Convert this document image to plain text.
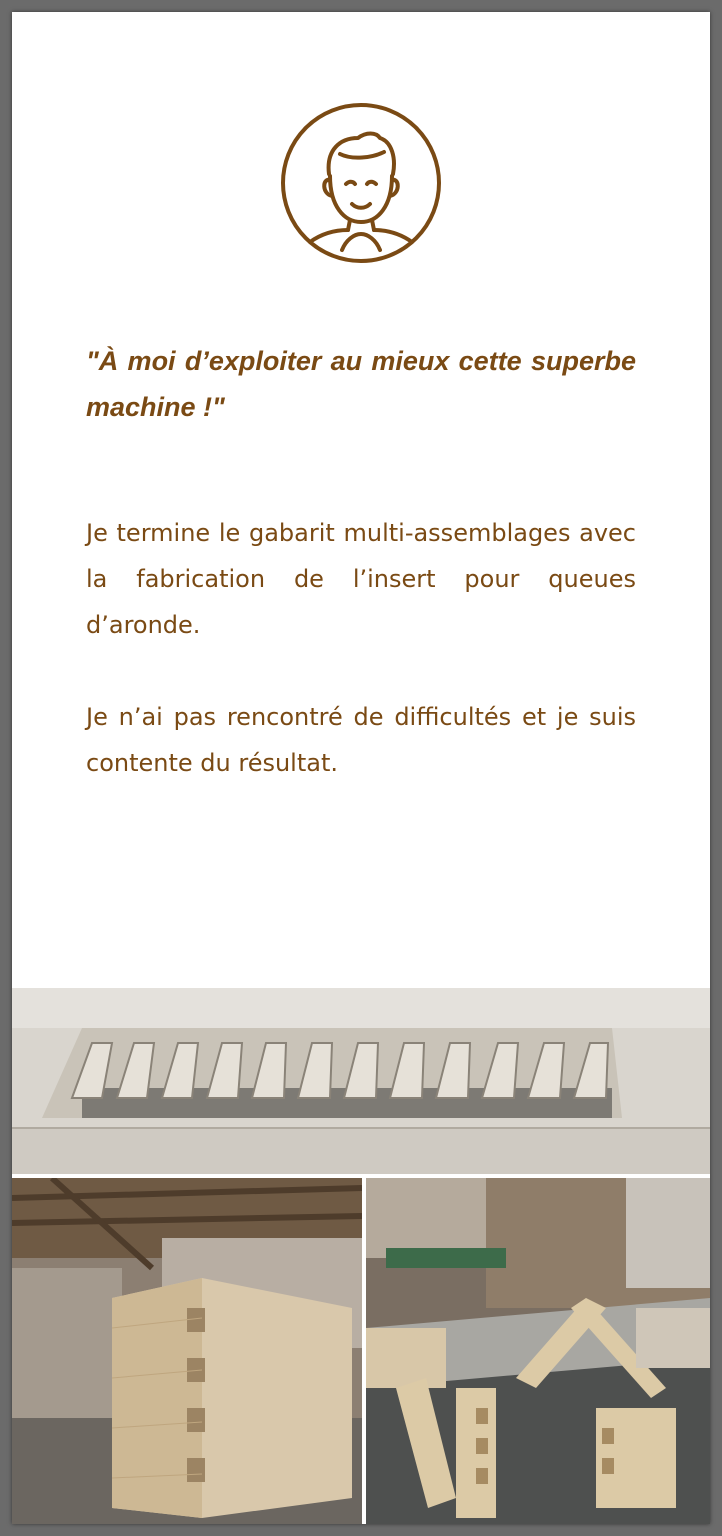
"À moi d’exploiter au mieux cette superbe machine !"

Je termine le gabarit multi-assemblages avec la fabrication de l’insert pour queues d’aronde.

Je n’ai pas rencontré de difficultés et je suis contente du résultat.
